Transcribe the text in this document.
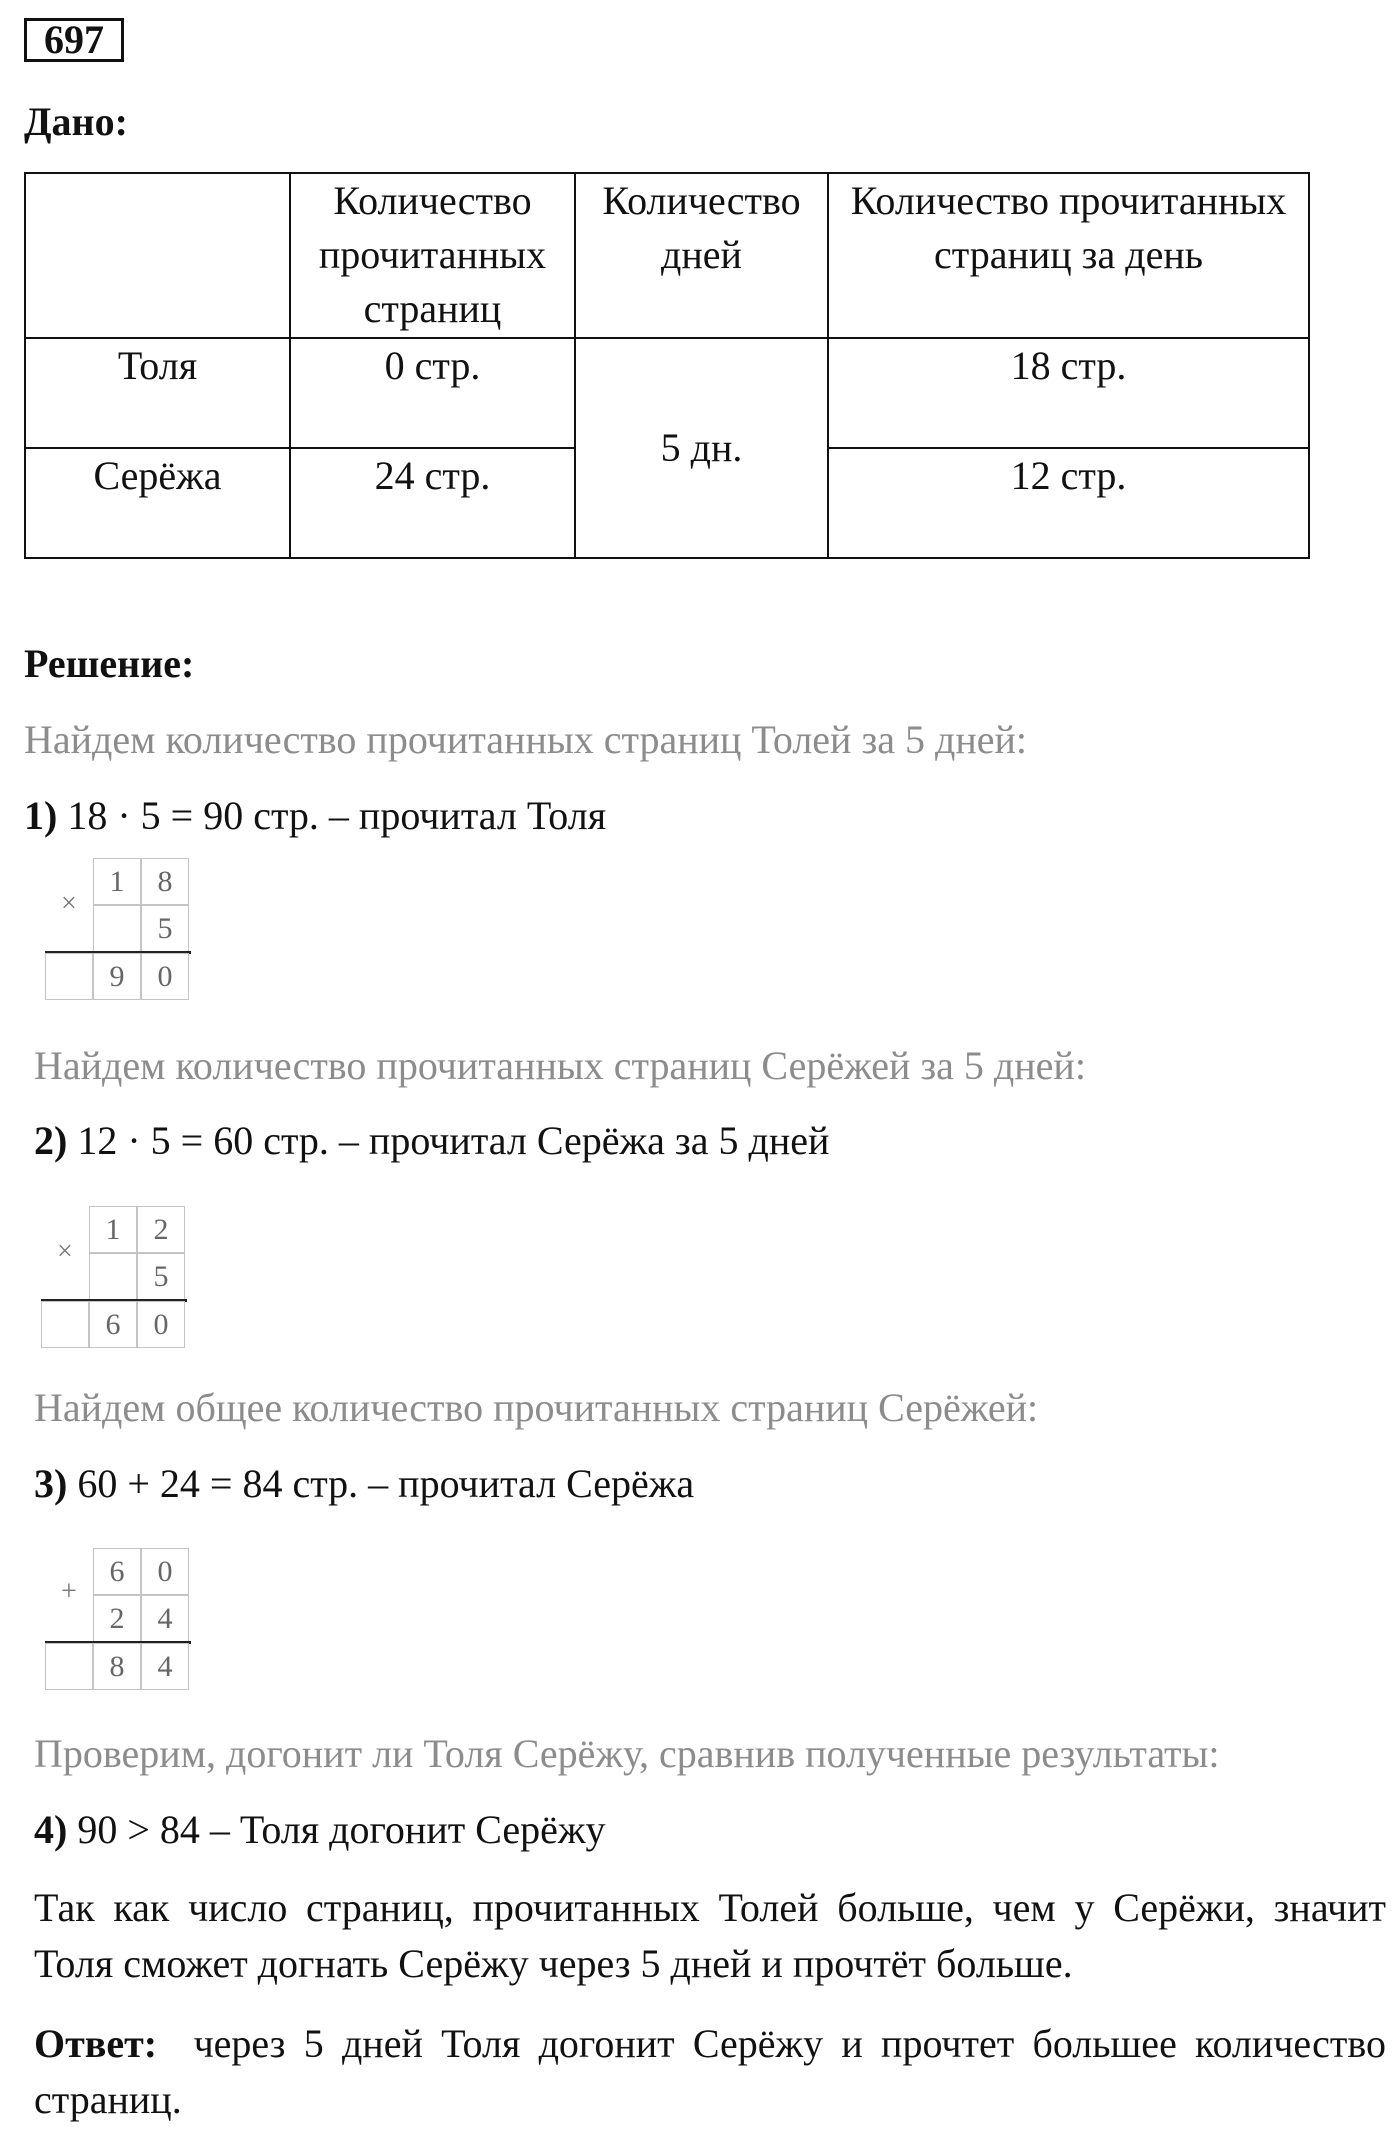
697
Дано:
	Количество прочитанных страниц	Количество дней	Количество прочитанных страниц за день
Толя	0 стр.	5 дн.	18 стр.
Серёжа	24 стр.		12 стр.
Решение:
Найдем количество прочитанных страниц Толей за 5 дней:
1) 18 · 5 = 90 стр. – прочитал Толя
×
1	8
5
9	0
Найдем количество прочитанных страниц Серёжей за 5 дней:
2) 12 · 5 = 60 стр. – прочитал Серёжа за 5 дней
×
1	2
5
6	0
Найдем общее количество прочитанных страниц Серёжей:
3) 60 + 24 = 84 стр. – прочитал Серёжа
+
6	0
2	4
8	4
Проверим, догонит ли Толя Серёжу, сравнив полученные результаты:
4) 90 > 84 – Толя догонит Серёжу
Так как число страниц, прочитанных Толей больше, чем у Серёжи, значит Толя сможет догнать Серёжу через 5 дней и прочтёт больше.
Ответ: через 5 дней Толя догонит Серёжу и прочтет большее количество страниц.
